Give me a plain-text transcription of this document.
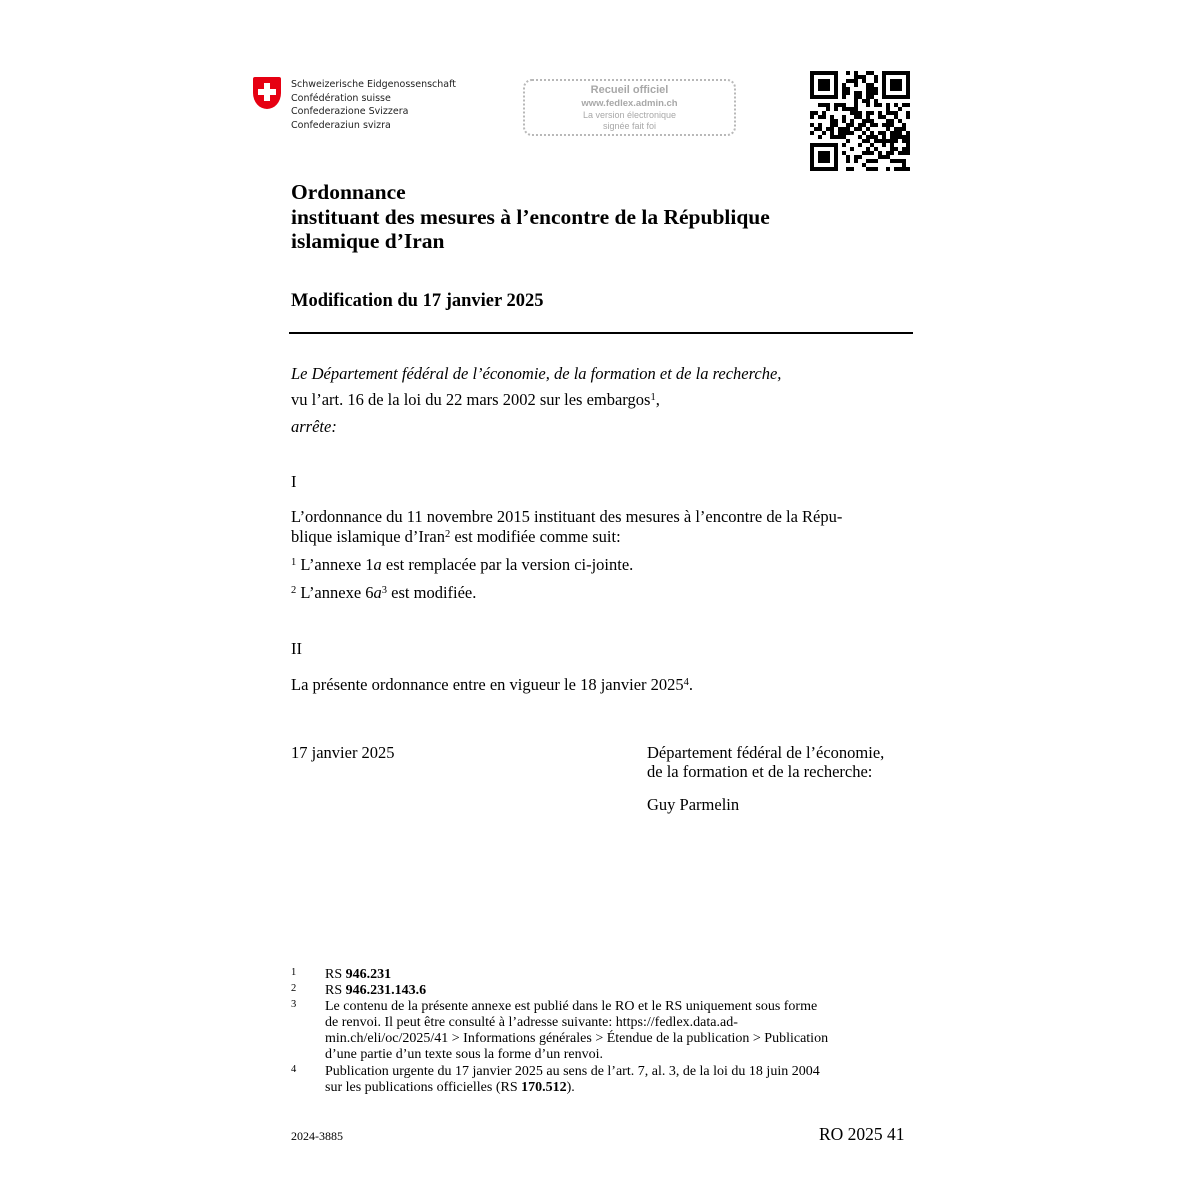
Schweizerische Eidgenossenschaft
Confédération suisse
Confederazione Svizzera
Confederaziun svizra
Recueil officiel
www.fedlex.admin.ch
La version électronique
signée fait foi
Ordonnance
instituant des mesures à l’encontre de la République
islamique d’Iran
Modification du 17 janvier 2025
Le Département fédéral de l’économie, de la formation et de la recherche,
vu l’art. 16 de la loi du 22 mars 2002 sur les embargos$^1$,
arrête:
I
L’ordonnance du 11 novembre 2015 instituant des mesures à l’encontre de la Répu-
blique islamique d’Iran$^2$ est modifiée comme suit:
$^1$ L’annexe 1a est remplacée par la version ci-jointe.
$^2$ L’annexe $6a^3$ est modifiée.
II
La présente ordonnance entre en vigueur le 18 janvier 2025$^4$.
17 janvier 2025	Département fédéral de l’économie,
de la formation et de la recherche:
Guy Parmelin
1 RS 946.231
2 RS 946.231.143.6
3 Le contenu de la présente annexe est publié dans le RO et le RS uniquement sous forme
de renvoi. Il peut être consulté à l’adresse suivante: https://fedlex.data.ad-
min.ch/eli/oc/2025/41 > Informations générales > Étendue de la publication > Publication
d’une partie d’un texte sous la forme d’un renvoi.
4 Publication urgente du 17 janvier 2025 au sens de l’art. 7, al. 3, de la loi du 18 juin 2004
sur les publications officielles (RS 170.512).
2024-3885	RO 2025 41
